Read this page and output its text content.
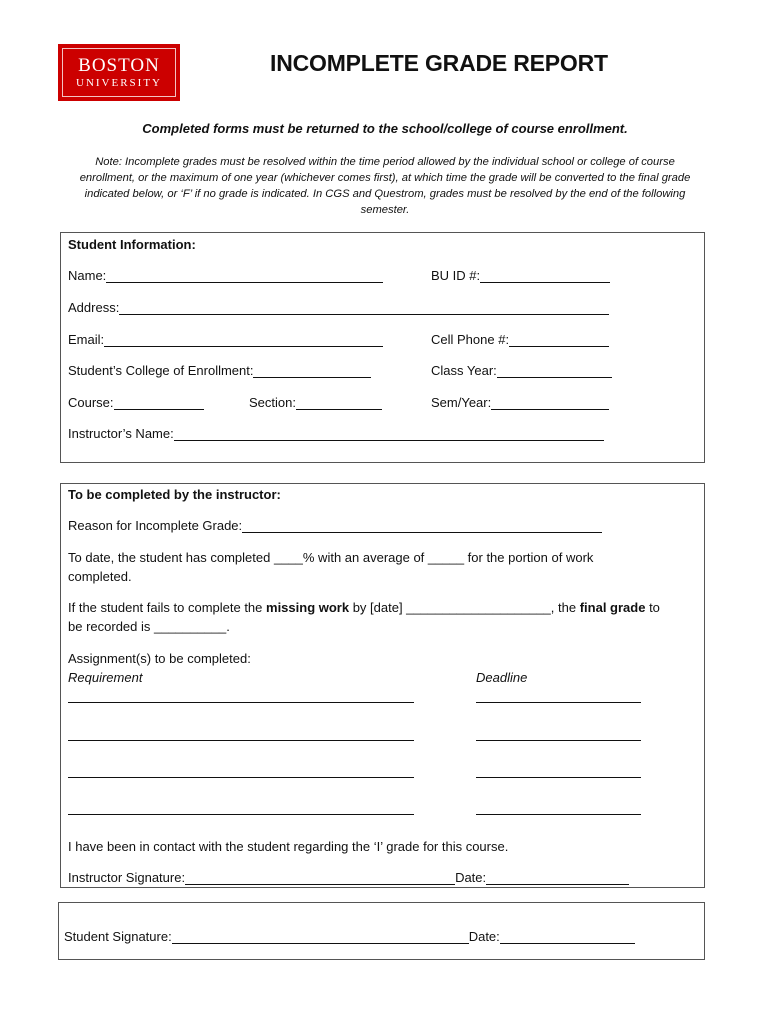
BOSTON
UNIVERSITY
INCOMPLETE GRADE REPORT
Completed forms must be returned to the school/college of course enrollment.
Note: Incomplete grades must be resolved within the time period allowed by the individual school or college of course enrollment, or the maximum of one year (whichever comes first), at which time the grade will be converted to the final grade indicated below, or ‘F’ if no grade is indicated. In CGS and Questrom, grades must be resolved by the end of the following semester.
Student Information:
Name:	BU ID #:
Address:
Email:	Cell Phone #:
Student’s College of Enrollment:	Class Year:
Course:	Section:	Sem/Year:
Instructor’s Name:
To be completed by the instructor:
Reason for Incomplete Grade:
To date, the student has completed ____% with an average of _____ for the portion of work
completed.
If the student fails to complete the missing work by [date] ____________________, the final grade to
be recorded is __________.
Assignment(s) to be completed:
Requirement	Deadline
I have been in contact with the student regarding the ‘I’ grade for this course.
Instructor Signature:	Date:
Student Signature:	Date:
